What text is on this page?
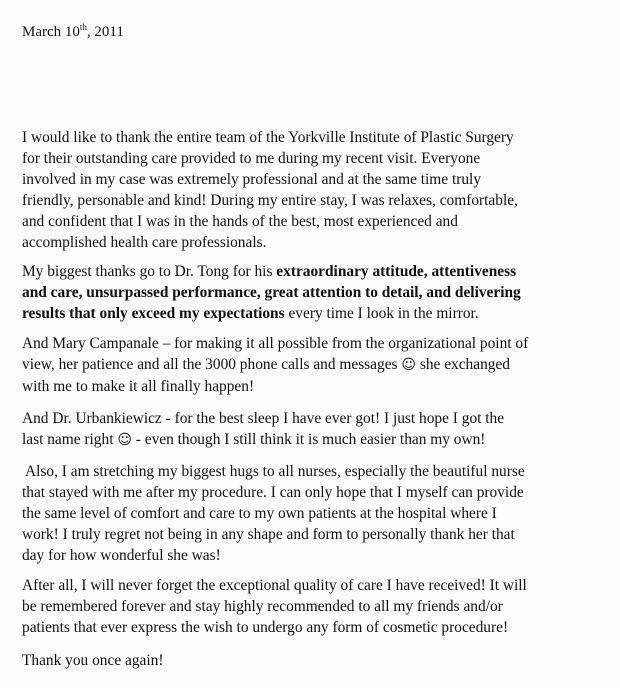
March 10th, 2011

I would like to thank the entire team of the Yorkville Institute of Plastic Surgery
for their outstanding care provided to me during my recent visit. Everyone
involved in my case was extremely professional and at the same time truly
friendly, personable and kind! During my entire stay, I was relaxes, comfortable,
and confident that I was in the hands of the best, most experienced and
accomplished health care professionals.

My biggest thanks go to Dr. Tong for his extraordinary attitude, attentiveness
and care, unsurpassed performance, great attention to detail, and delivering
results that only exceed my expectations every time I look in the mirror.

And Mary Campanale – for making it all possible from the organizational point of
view, her patience and all the 3000 phone calls and messages ☺ she exchanged
with me to make it all finally happen!

And Dr. Urbankiewicz - for the best sleep I have ever got! I just hope I got the
last name right ☺ - even though I still think it is much easier than my own!

Also, I am stretching my biggest hugs to all nurses, especially the beautiful nurse
that stayed with me after my procedure. I can only hope that I myself can provide
the same level of comfort and care to my own patients at the hospital where I
work! I truly regret not being in any shape and form to personally thank her that
day for how wonderful she was!

After all, I will never forget the exceptional quality of care I have received! It will
be remembered forever and stay highly recommended to all my friends and/or
patients that ever express the wish to undergo any form of cosmetic procedure!

Thank you once again!
